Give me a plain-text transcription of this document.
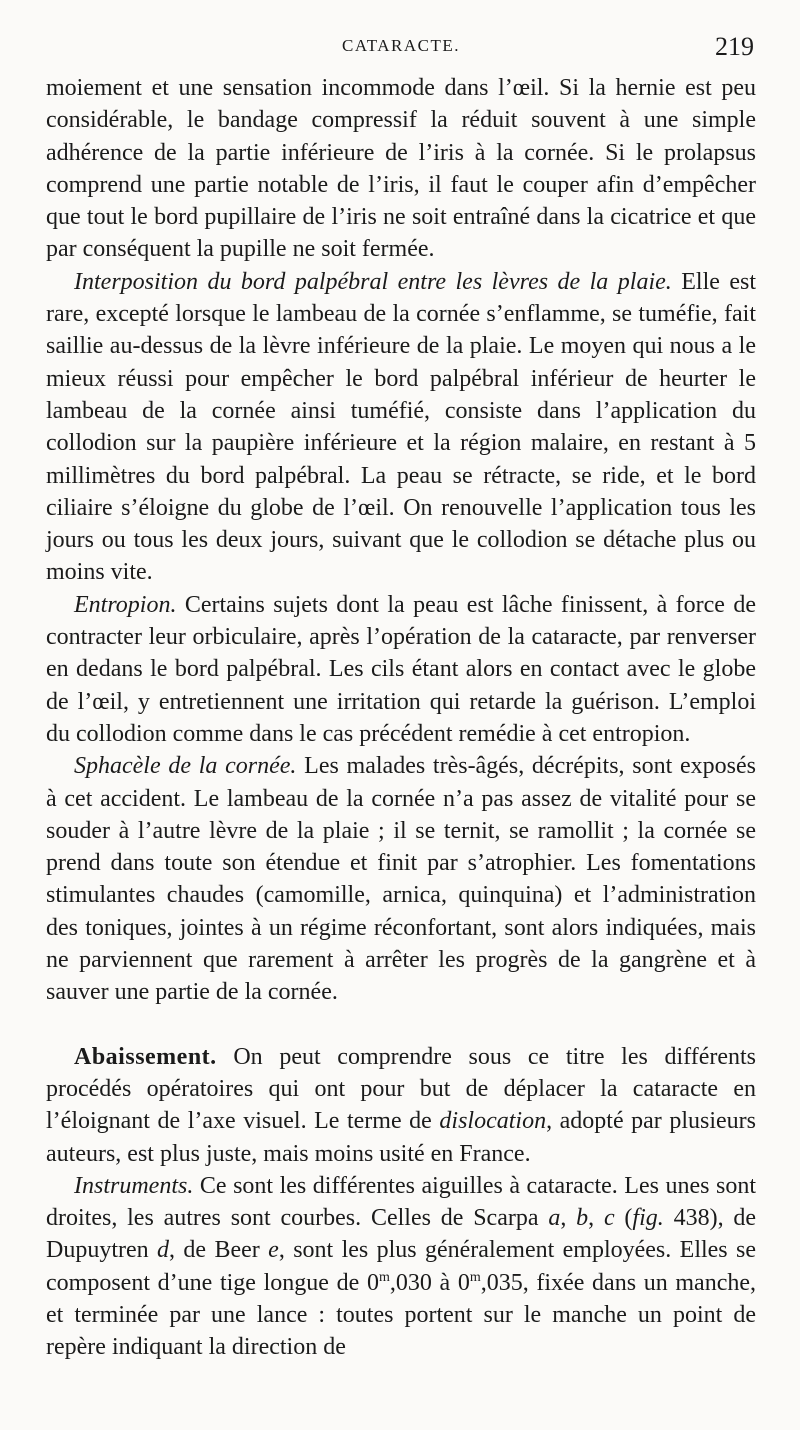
CATARACTE.	219

moiement et une sensation incommode dans l’œil. Si la hernie est peu considérable, le bandage compressif la réduit souvent à une simple adhérence de la partie inférieure de l’iris à la cornée. Si le prolapsus comprend une partie notable de l’iris, il faut le couper afin d’empêcher que tout le bord pupillaire de l’iris ne soit entraîné dans la cicatrice et que par conséquent la pupille ne soit fermée.

Interposition du bord palpébral entre les lèvres de la plaie. Elle est rare, excepté lorsque le lambeau de la cornée s’enflamme, se tuméfie, fait saillie au-dessus de la lèvre inférieure de la plaie. Le moyen qui nous a le mieux réussi pour empêcher le bord palpébral inférieur de heurter le lambeau de la cornée ainsi tuméfié, consiste dans l’application du collodion sur la paupière inférieure et la région malaire, en restant à 5 millimètres du bord palpébral. La peau se rétracte, se ride, et le bord ciliaire s’éloigne du globe de l’œil. On renouvelle l’application tous les jours ou tous les deux jours, suivant que le collodion se détache plus ou moins vite.

Entropion. Certains sujets dont la peau est lâche finissent, à force de contracter leur orbiculaire, après l’opération de la cataracte, par renverser en dedans le bord palpébral. Les cils étant alors en contact avec le globe de l’œil, y entretiennent une irritation qui retarde la guérison. L’emploi du collodion comme dans le cas précédent remédie à cet entropion.

Sphacèle de la cornée. Les malades très-âgés, décrépits, sont exposés à cet accident. Le lambeau de la cornée n’a pas assez de vitalité pour se souder à l’autre lèvre de la plaie ; il se ternit, se ramollit ; la cornée se prend dans toute son étendue et finit par s’atrophier. Les fomentations stimulantes chaudes (camomille, arnica, quinquina) et l’administration des toniques, jointes à un régime réconfortant, sont alors indiquées, mais ne parviennent que rarement à arrêter les progrès de la gangrène et à sauver une partie de la cornée.

Abaissement. On peut comprendre sous ce titre les différents procédés opératoires qui ont pour but de déplacer la cataracte en l’éloignant de l’axe visuel. Le terme de dislocation, adopté par plusieurs auteurs, est plus juste, mais moins usité en France.

Instruments. Ce sont les différentes aiguilles à cataracte. Les unes sont droites, les autres sont courbes. Celles de Scarpa a, b, c (fig. 438), de Dupuytren d, de Beer e, sont les plus généralement employées. Elles se composent d’une tige longue de 0$^m$,030 à 0$^m$,035, fixée dans un manche, et terminée par une lance : toutes portent sur le manche un point de repère indiquant la direction de
